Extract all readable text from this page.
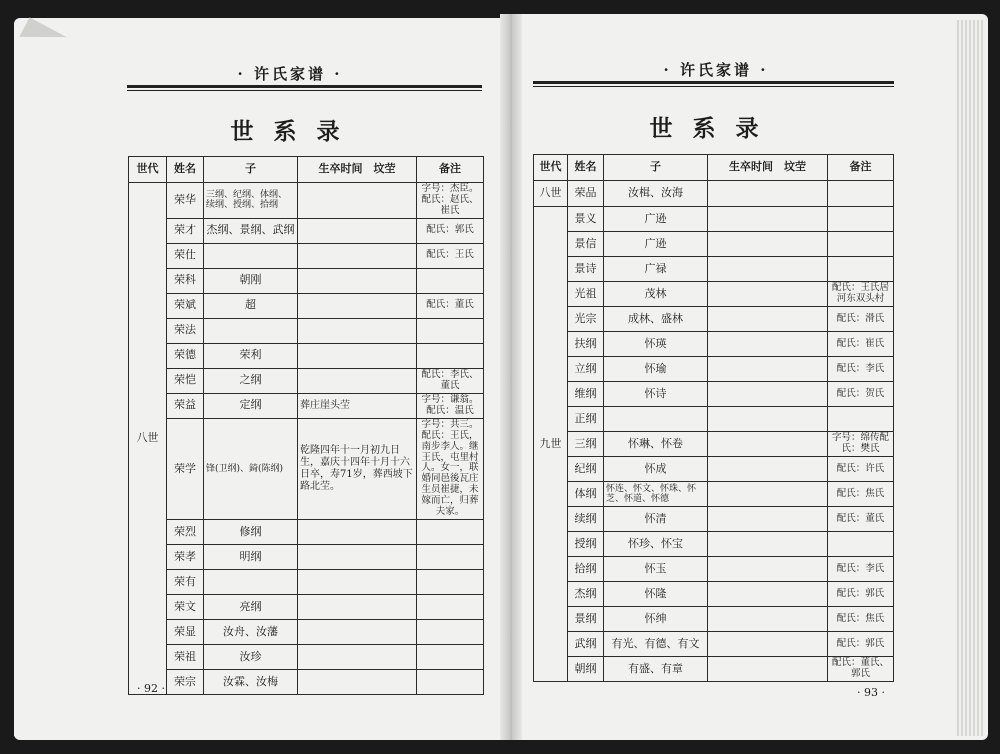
· 许氏家谱 ·
世系录
世代	姓名	子	生卒时间　坟茔	备注
八世	荣华	三纲、纪纲、体纲、续纲、授纲、拾纲		字号：杰臣。配氏：赵氏、崔氏
	荣才	杰纲、景纲、武纲		配氏：郭氏
	荣仕			配氏：王氏
	荣科	朝刚		
	荣斌	超		配氏：董氏
	荣法			
	荣德	荣利		
	荣恺	之纲		配氏：李氏、董氏
	荣益	定纲	葬庄崖头茔	字号：谦翁。配氏：温氏
	荣学	锋(卫纲)、錡(陈纲)	乾隆四年十一月初九日生，嘉庆十四年十月十六日卒，寿71岁，葬西坡下路北茔。	字号：共三。配氏：王氏，南步李人。继王氏，屯里村人。女一，联婚同邑後瓦庄生员崔捷，未嫁而亡，归葬夫家。
	荣烈	修纲		
	荣孝	明纲		
	荣有			
	荣文	亮纲		
	荣显	汝舟、汝藩		
	荣祖	汝珍		
	荣宗	汝霖、汝梅		
· 92 ·
· 许氏家谱 ·
世系录
世代	姓名	子	生卒时间　坟茔	备注
八世	荣品	汝楫、汝海		
九世	景义	广逊		
	景信	广逊		
	景诗	广禄		
	光祖	茂林		配氏：王氏居河东双头村
	光宗	成林、盛林		配氏：滑氏
	扶纲	怀瑛		配氏：崔氏
	立纲	怀瑜		配氏：李氏
	维纲	怀诗		配氏：贺氏
	正纲			
	三纲	怀琳、怀卷		字号：绵传配氏：樊氏
	纪纲	怀成		配氏：许氏
	体纲	怀连、怀文、怀珠、怀芝、怀道、怀德		配氏：焦氏
	续纲	怀清		配氏：董氏
	授纲	怀珍、怀宝		
	拾纲	怀玉		配氏：李氏
	杰纲	怀隆		配氏：郭氏
	景纲	怀绅		配氏：焦氏
	武纲	有光、有德、有文		配氏：郭氏
	朝纲	有盛、有章		配氏：董氏、郭氏
· 93 ·
